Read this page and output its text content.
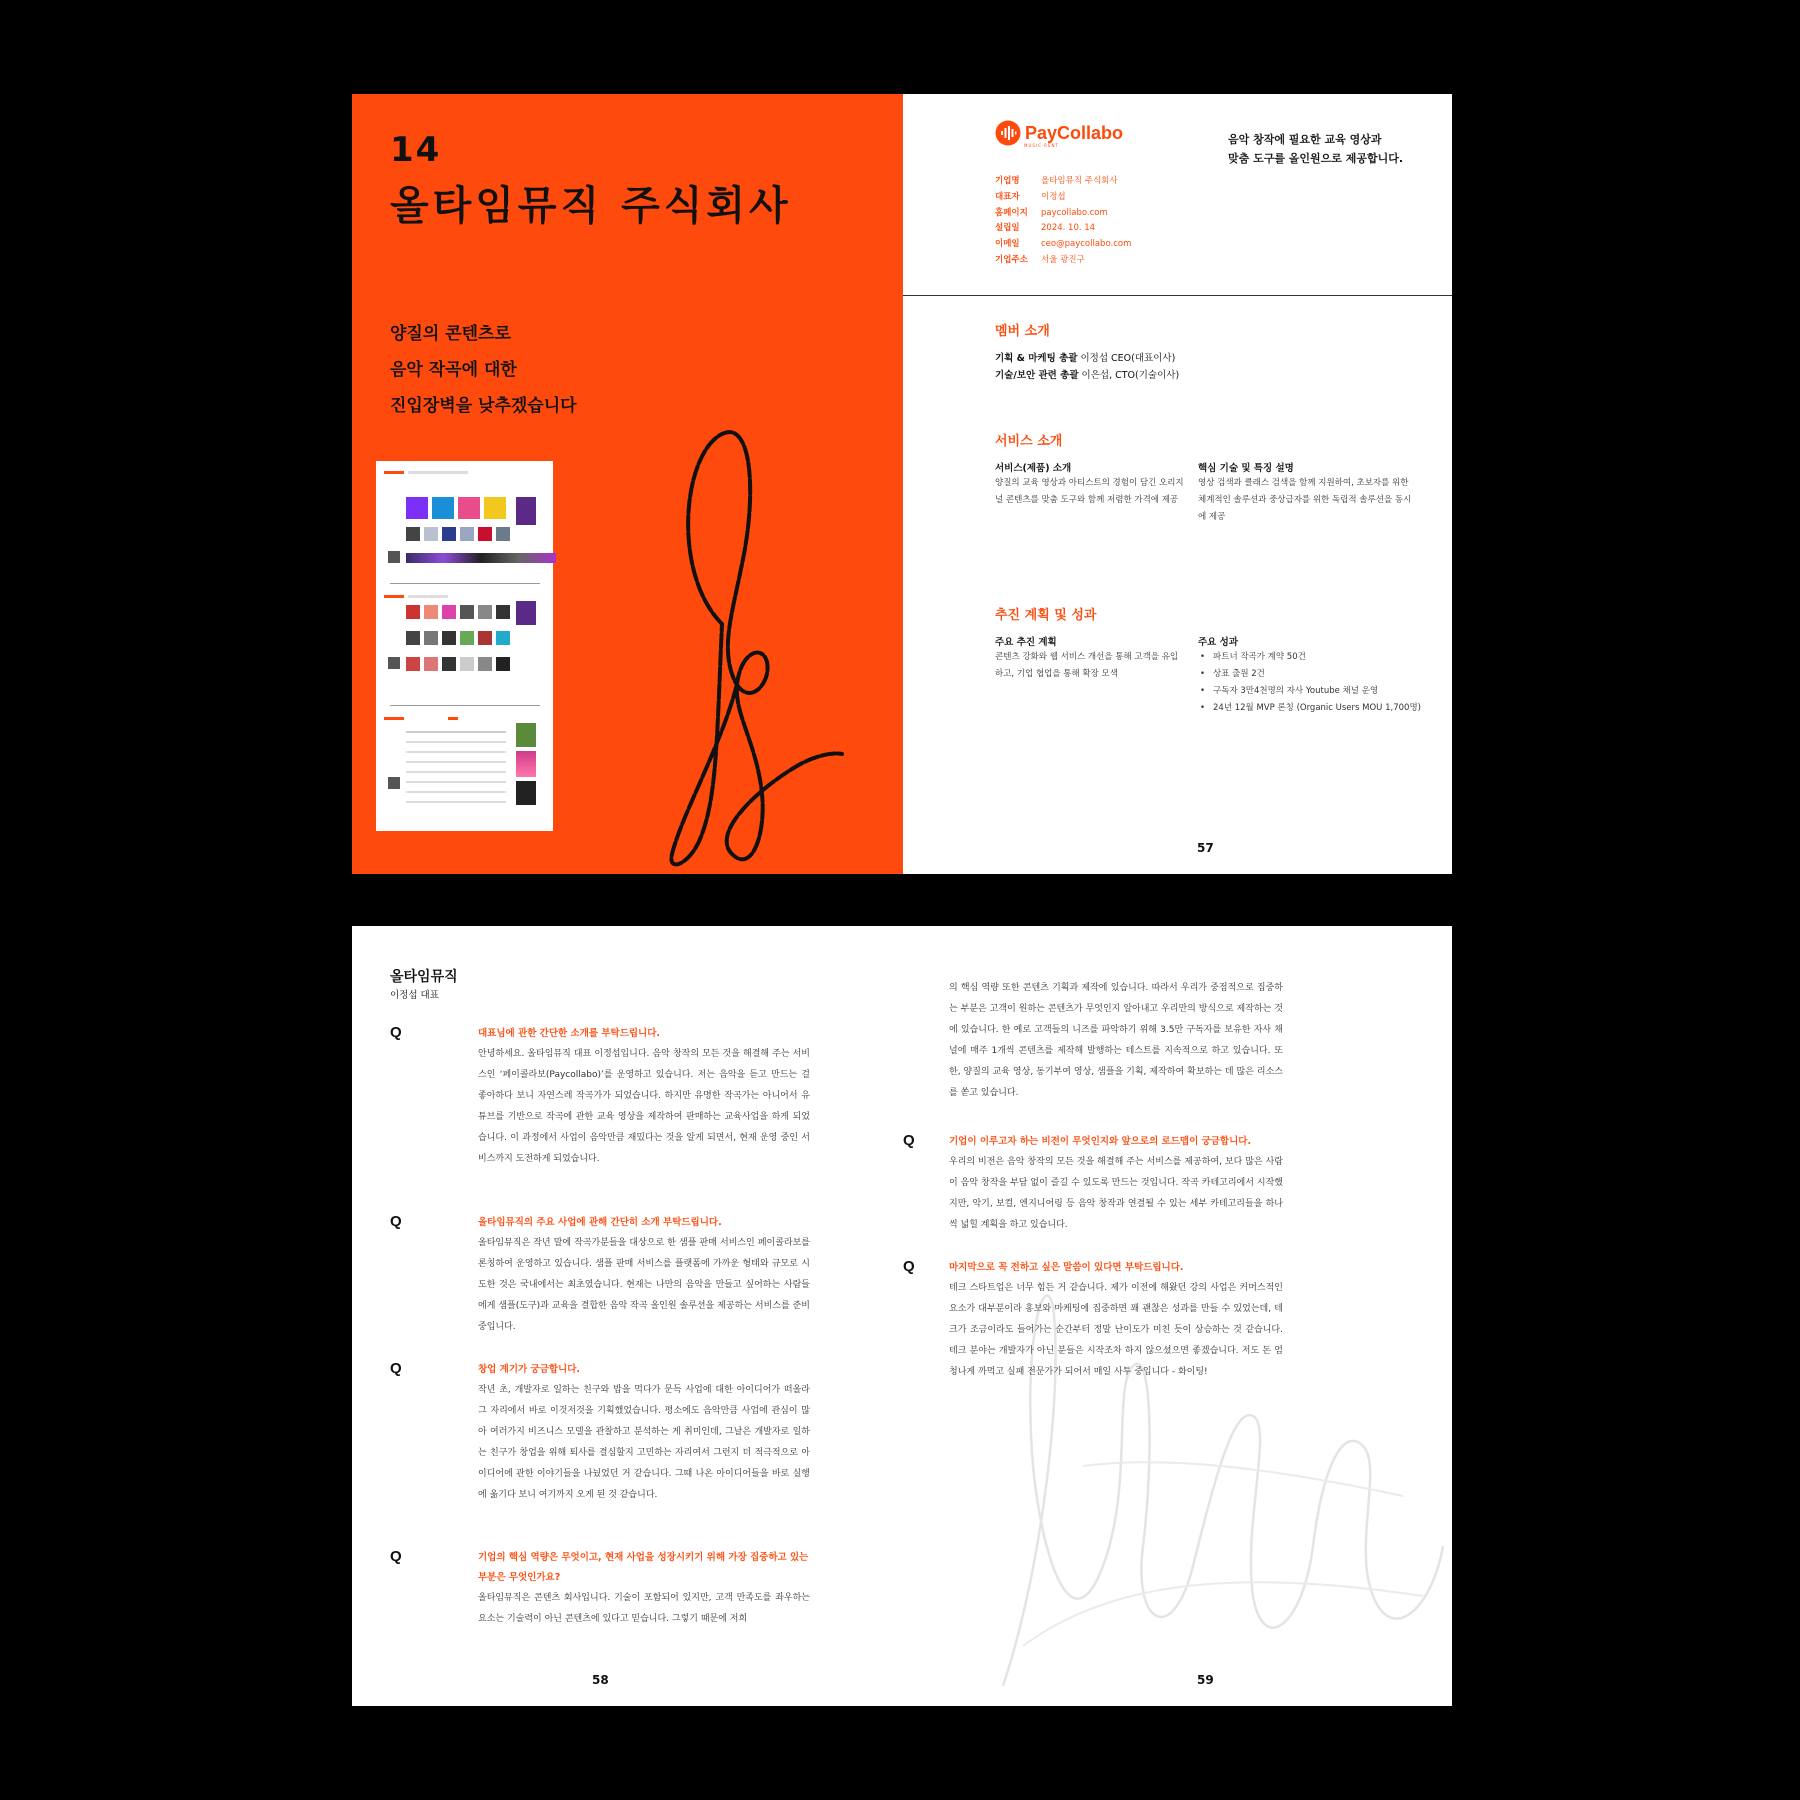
14
올타임뮤직 주식회사
양질의 콘텐츠로
음악 작곡에 대한
진입장벽을 낮추겠습니다
PayCollabo
MUSIC·RENT	음악 창작에 필요한 교육 영상과
맞춤 도구를 올인원으로 제공합니다.
기업명	올타임뮤직 주식회사
대표자	이정섭
홈페이지 paycollabo.com
설립일	2024. 10. 14
이메일	ceo@paycollabo.com
기업주소 서울 광진구
멤버 소개
기획 & 마케팅 총괄 이정섭 CEO(대표이사)
기술/보안 관련 총괄 이은섭, CTO(기술이사)
서비스 소개
서비스(제품) 소개
양질의 교육 영상과 아티스트의 경험이 담긴 오리지널 콘텐츠를 맞춤 도구와 함께 저렴한 가격에 제공
핵심 기술 및 특징 설명
영상 검색과 클래스 검색을 함께 지원하여, 초보자를 위한 체계적인 솔루션과 중상급자를 위한 독립적 솔루션을 동시에 제공
추진 계획 및 성과
주요 추진 계획
콘텐츠 강화와 웹 서비스 개선을 통해 고객을 유입하고, 기업 협업을 통해 확장 모색
주요 성과
• 파트너 작곡가 계약 50건
• 상표 출원 2건
• 구독자 3만4천명의 자사 Youtube 채널 운영
• 24년 12월 MVP 론칭 (Organic Users MOU 1,700명)
57
올타임뮤직
이정섭 대표
Q	대표님에 관한 간단한 소개를 부탁드립니다.
안녕하세요. 올타임뮤직 대표 이정섭입니다. 음악 창작의 모든 것을 해결해 주는 서비스인 ‘페이콜라보(Paycollabo)’를 운영하고 있습니다. 저는 음악을 듣고 만드는 걸 좋아하다 보니 자연스레 작곡가가 되었습니다. 하지만 유명한 작곡가는 아니어서 유튜브를 기반으로 작곡에 관한 교육 영상을 제작하여 판매하는 교육사업을 하게 되었습니다. 이 과정에서 사업이 음악만큼 재밌다는 것을 알게 되면서, 현재 운영 중인 서비스까지 도전하게 되었습니다.
Q	올타임뮤직의 주요 사업에 관해 간단히 소개 부탁드립니다.
올타임뮤직은 작년 말에 작곡가분들을 대상으로 한 샘플 판매 서비스인 페이콜라보를 론칭하여 운영하고 있습니다. 샘플 판매 서비스를 플랫폼에 가까운 형태와 규모로 시도한 것은 국내에서는 최초였습니다. 현재는 나만의 음악을 만들고 싶어하는 사람들에게 샘플(도구)과 교육을 결합한 음악 작곡 올인원 솔루션을 제공하는 서비스를 준비 중입니다.
Q	창업 계기가 궁금합니다.
작년 초, 개발자로 일하는 친구와 밥을 먹다가 문득 사업에 대한 아이디어가 떠올라 그 자리에서 바로 이것저것을 기획했었습니다. 평소에도 음악만큼 사업에 관심이 많아 여러가지 비즈니스 모델을 관찰하고 분석하는 게 취미인데, 그날은 개발자로 일하는 친구가 창업을 위해 퇴사를 결심할지 고민하는 자리여서 그런지 더 적극적으로 아이디어에 관한 이야기들을 나눴었던 거 같습니다. 그때 나온 아이디어들을 바로 실행에 옮기다 보니 여기까지 오게 된 것 같습니다.
Q	기업의 핵심 역량은 무엇이고, 현재 사업을 성장시키기 위해 가장 집중하고 있는 부분은 무엇인가요?
올타임뮤직은 콘텐츠 회사입니다. 기술이 포함되어 있지만, 고객 만족도를 좌우하는 요소는 기술력이 아닌 콘텐츠에 있다고 믿습니다. 그렇기 때문에 저희
58
의 핵심 역량 또한 콘텐츠 기획과 제작에 있습니다. 따라서 우리가 중점적으로 집중하는 부분은 고객이 원하는 콘텐츠가 무엇인지 알아내고 우리만의 방식으로 제작하는 것에 있습니다. 한 예로 고객들의 니즈를 파악하기 위해 3.5만 구독자를 보유한 자사 채널에 매주 1개씩 콘텐츠를 제작해 발행하는 테스트를 지속적으로 하고 있습니다. 또한, 양질의 교육 영상, 동기부여 영상, 샘플을 기획, 제작하여 확보하는 데 많은 리소스를 쏟고 있습니다.
Q	기업이 이루고자 하는 비전이 무엇인지와 앞으로의 로드맵이 궁금합니다.
우리의 비전은 음악 창작의 모든 것을 해결해 주는 서비스를 제공하여, 보다 많은 사람이 음악 창작을 부담 없이 즐길 수 있도록 만드는 것입니다. 작곡 카테고리에서 시작했지만, 악기, 보컬, 엔지니어링 등 음악 창작과 연결될 수 있는 세부 카테고리들을 하나씩 넓힐 계획을 하고 있습니다.
Q	마지막으로 꼭 전하고 싶은 말씀이 있다면 부탁드립니다.
테크 스타트업은 너무 힘든 거 같습니다. 제가 이전에 해왔던 강의 사업은 커머스적인 요소가 대부분이라 홍보와 마케팅에 집중하면 꽤 괜찮은 성과를 만들 수 있었는데, 테크가 조금이라도 들어가는 순간부터 정말 난이도가 미친 듯이 상승하는 것 같습니다. 테크 분야는 개발자가 아닌 분들은 시작조차 하지 않으셨으면 좋겠습니다. 저도 돈 엄청나게 까먹고 실패 전문가가 되어서 매일 사투 중입니다 - 화이팅!
59
